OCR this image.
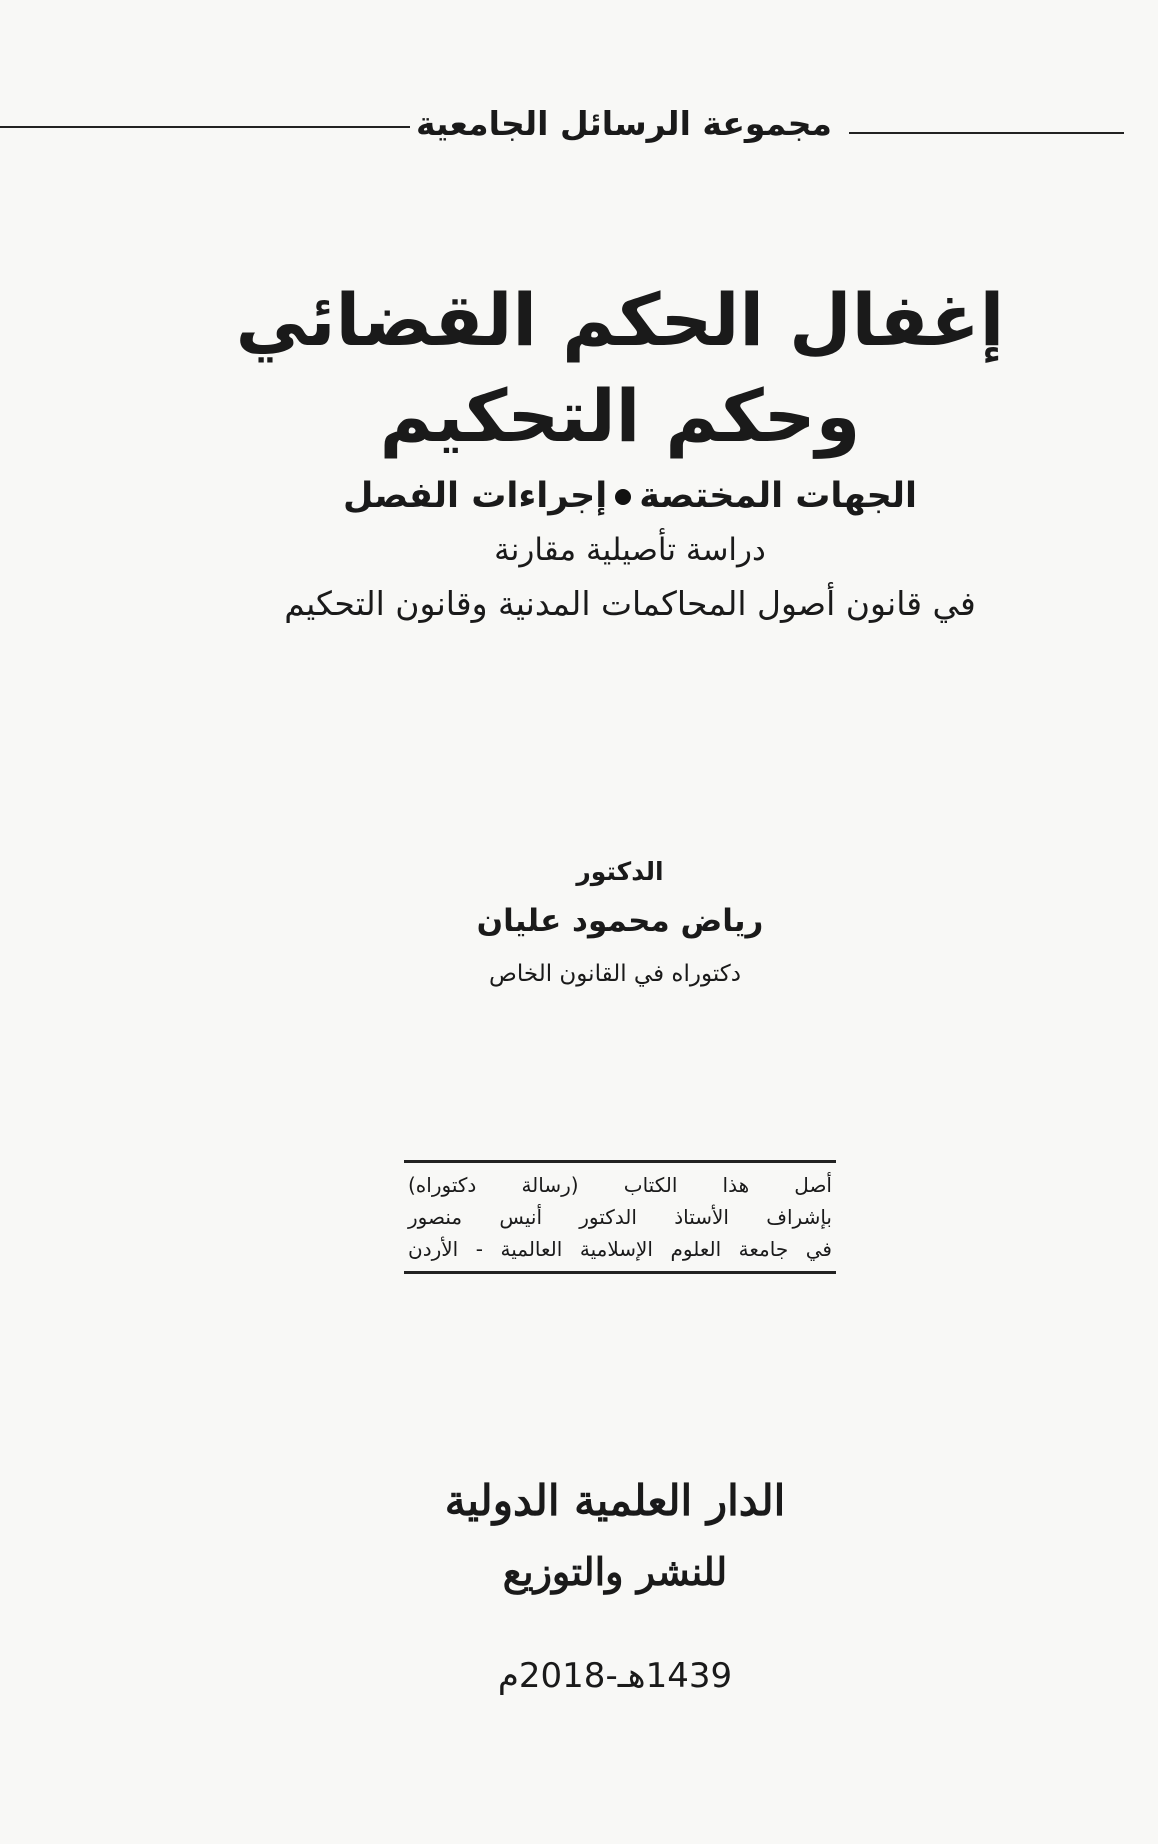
مجموعة الرسائل الجامعية
إغفال الحكم القضائي
وحكم التحكيم
الجهات المختصةإجراءات الفصل
دراسة تأصيلية مقارنة
في قانون أصول المحاكمات المدنية وقانون التحكيم
الدكتور
رياض محمود عليان
دكتوراه في القانون الخاص
أصل هذا الكتاب (رسالة دكتوراه)
بإشراف الأستاذ الدكتور أنيس منصور
في جامعة العلوم الإسلامية العالمية - الأردن
الدار العلمية الدولية
للنشر والتوزيع
1439هـ-2018م
